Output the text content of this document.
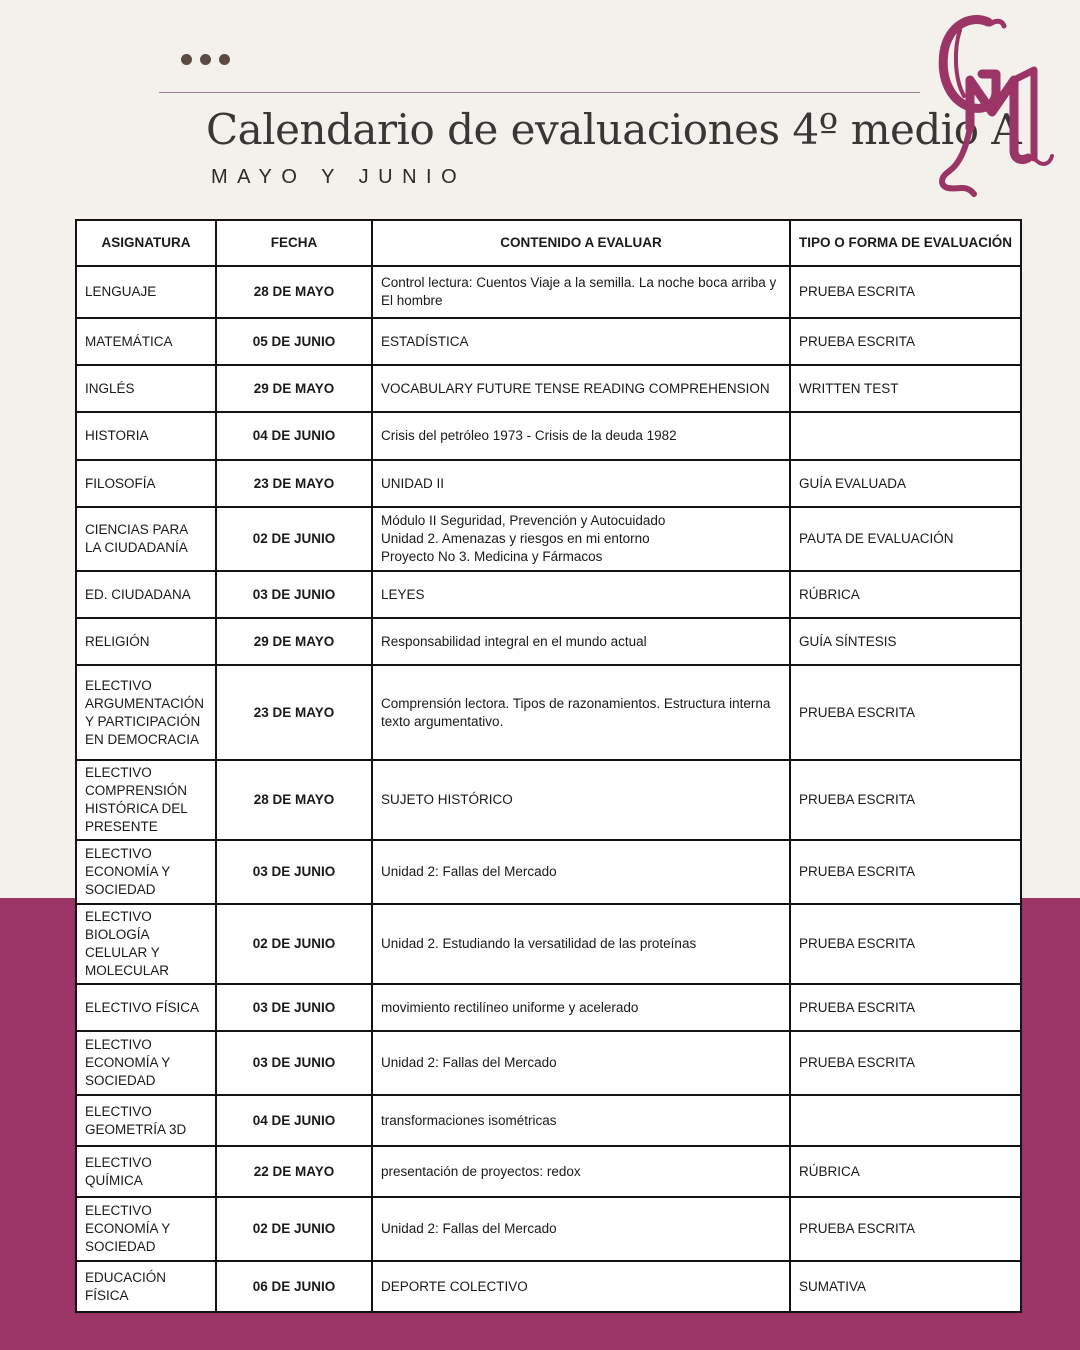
Calendario de evaluaciones 4º medio A
MAYO Y JUNIO
ASIGNATURA	FECHA	CONTENIDO A EVALUAR	TIPO O FORMA DE EVALUACIÓN

LENGUAJE	28 DE MAYO	Control lectura: Cuentos Viaje a la semilla. La noche boca arriba y El hombre	PRUEBA ESCRITA

MATEMÁTICA	05 DE JUNIO	ESTADÍSTICA	PRUEBA ESCRITA

INGLÉS	29 DE MAYO	VOCABULARY FUTURE TENSE READING COMPREHENSION	WRITTEN TEST

HISTORIA	04 DE JUNIO	Crisis del petróleo 1973 - Crisis de la deuda 1982	

FILOSOFÍA	23 DE MAYO	UNIDAD II	GUÍA EVALUADA

CIENCIAS PARA LA CIUDADANÍA	02 DE JUNIO	Módulo II Seguridad, Prevención y Autocuidado
Unidad 2. Amenazas y riesgos en mi entorno
Proyecto No 3. Medicina y Fármacos	PAUTA DE EVALUACIÓN

ED. CIUDADANA	03 DE JUNIO	LEYES	RÚBRICA

RELIGIÓN	29 DE MAYO	Responsabilidad integral en el mundo actual	GUÍA SÍNTESIS

ELECTIVO ARGUMENTACIÓN Y PARTICIPACIÓN EN DEMOCRACIA	23 DE MAYO	Comprensión lectora. Tipos de razonamientos. Estructura interna texto argumentativo.	PRUEBA ESCRITA

ELECTIVO COMPRENSIÓN HISTÓRICA DEL PRESENTE	28 DE MAYO	SUJETO HISTÓRICO	PRUEBA ESCRITA

ELECTIVO ECONOMÍA Y SOCIEDAD	03 DE JUNIO	Unidad 2: Fallas del Mercado	PRUEBA ESCRITA

ELECTIVO BIOLOGÍA CELULAR Y MOLECULAR	02 DE JUNIO	Unidad 2. Estudiando la versatilidad de las proteínas	PRUEBA ESCRITA

ELECTIVO FÍSICA	03 DE JUNIO	movimiento rectilíneo uniforme y acelerado	PRUEBA ESCRITA

ELECTIVO ECONOMÍA Y SOCIEDAD	03 DE JUNIO	Unidad 2: Fallas del Mercado	PRUEBA ESCRITA

ELECTIVO GEOMETRÍA 3D	04 DE JUNIO	transformaciones isométricas	

ELECTIVO QUÍMICA	22 DE MAYO	presentación de proyectos: redox	RÚBRICA

ELECTIVO ECONOMÍA Y SOCIEDAD	02 DE JUNIO	Unidad 2: Fallas del Mercado	PRUEBA ESCRITA

EDUCACIÓN FÍSICA	06 DE JUNIO	DEPORTE COLECTIVO	SUMATIVA
